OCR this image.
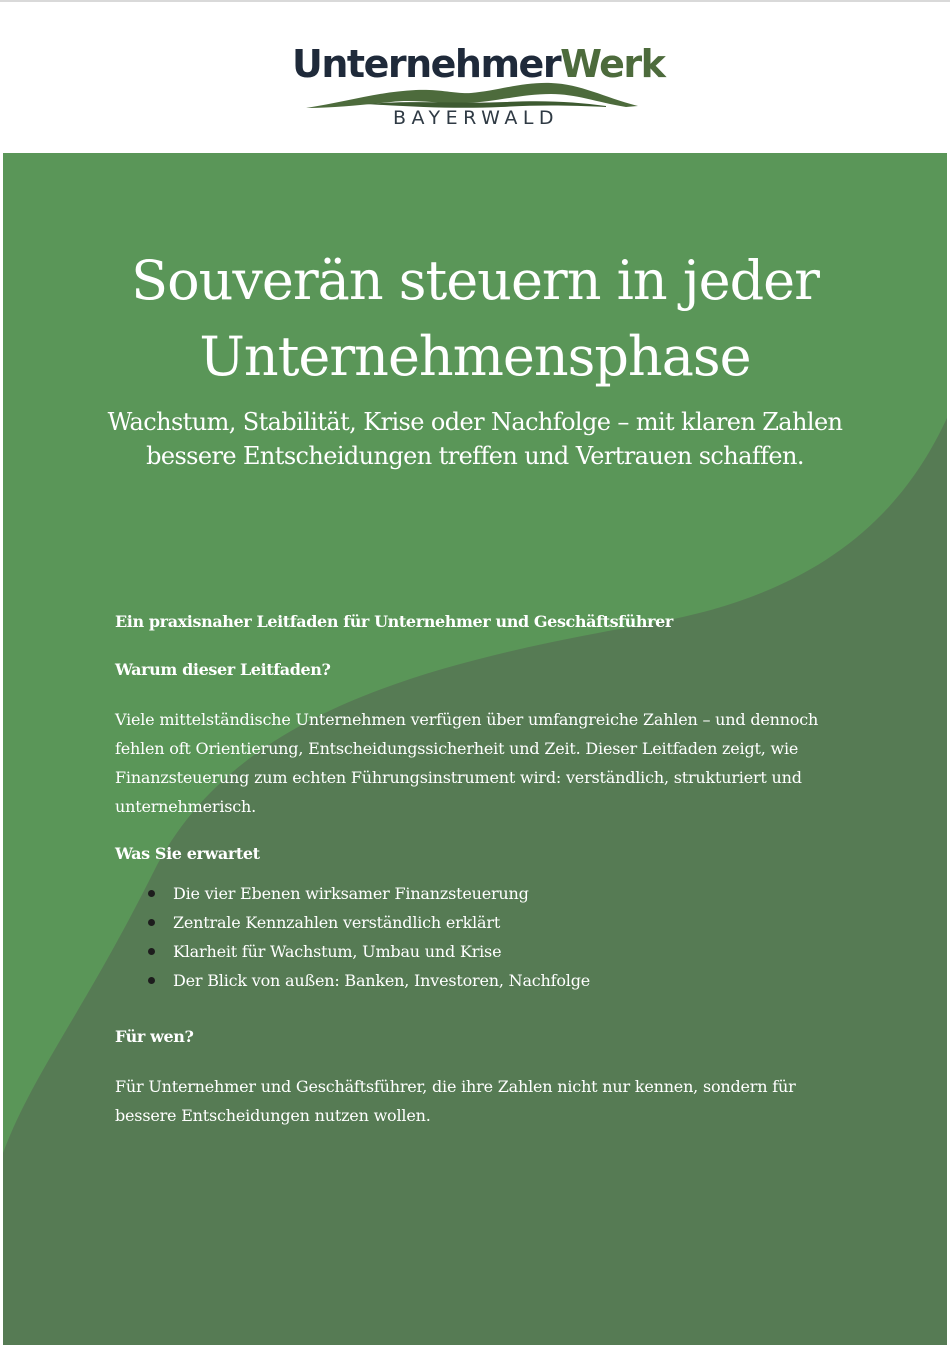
UnternehmerWerk
BAYERWALD
Souverän steuern in jeder
Unternehmensphase

Wachstum, Stabilität, Krise oder Nachfolge – mit klaren Zahlen
bessere Entscheidungen treffen und Vertrauen schaffen.

Ein praxisnaher Leitfaden für Unternehmer und Geschäftsführer

Warum dieser Leitfaden?

Viele mittelständische Unternehmen verfügen über umfangreiche Zahlen – und dennoch
fehlen oft Orientierung, Entscheidungssicherheit und Zeit. Dieser Leitfaden zeigt, wie
Finanzsteuerung zum echten Führungsinstrument wird: verständlich, strukturiert und
unternehmerisch.

Was Sie erwartet

Die vier Ebenen wirksamer Finanzsteuerung
Zentrale Kennzahlen verständlich erklärt
Klarheit für Wachstum, Umbau und Krise
Der Blick von außen: Banken, Investoren, Nachfolge

Für wen?

Für Unternehmer und Geschäftsführer, die ihre Zahlen nicht nur kennen, sondern für
bessere Entscheidungen nutzen wollen.
